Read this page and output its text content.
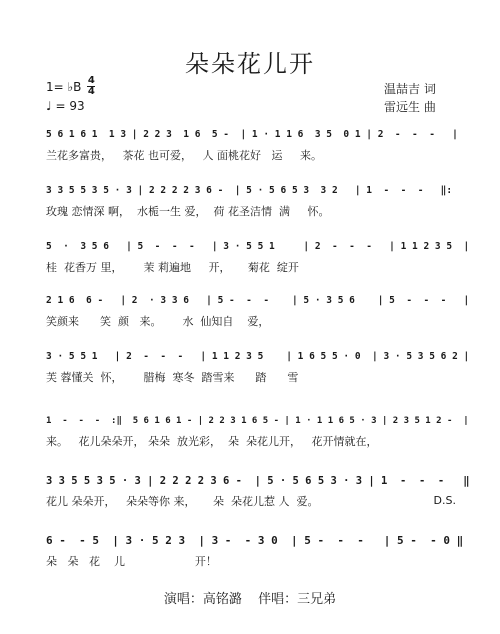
朵朵花儿开
1= ♭B $\frac{4}{4}$
♩ = 93
温喆吉 词
雷远生 曲
5 6 1 6 1  1 3 | 2 2 3  1 6  5 -  | 1 · 1 1 6  3 5  0 1 | 2  -  -  -   |
兰花多富贵，   茶花 也可爱，   人 面桃花好   运     来。
3 3 5 5 3 5 · 3 | 2 2 2 2 3 6 -  | 5 · 5 6 5 3  3 2   | 1  -  -  -   ‖:
玫瑰 恋情深 啊，  水栀一生 爱，  荷 花圣洁情  满     怀。
5  ·  3 5 6   | 5  -  -  -   | 3 · 5 5 1     | 2  -  -  -   | 1 1 2 3 5  |
桂  花香万 里，      茉 莉遍地     开，     菊花  绽开
2 1 6  6 -   | 2  · 3 3 6   | 5 -  -  -    | 5 · 3 5 6    | 5  -  -  -   |
笑颜来      笑  颜   来。      水  仙知自    爱，
3 · 5 5 1   | 2  -  -  -   | 1 1 2 3 5    | 1 6 5 5 · 0  | 3 · 5 3 5 6 2 |
芙 蓉懂关  怀，      腊梅  寒冬  踏雪来      踏      雪
1  -  -  -  :‖  5 6 1 6 1 - | 2 2 3 1 6 5 - | 1 · 1 1 6 5 · 3 | 2 3 5 1 2 -  |
来。   花儿朵朵开， 朵朵  放光彩，  朵  朵花儿开，   花开情就在，
3 3 5 5 3 5 · 3 | 2 2 2 2 3 6 -  | 5 · 5 6 5 3 · 3 | 1  -  -  -   ‖
花儿 朵朵开，   朵朵等你 来，     朵  朵花儿惹 人  爱。	D.S.
6 -  - 5  | 3 · 5 2 3  | 3 -  - 3 0  | 5 -  -  -   | 5 -  - 0 ‖
朵   朵   花    儿                    开！
演唱：高铭潞 伴唱：三兄弟
